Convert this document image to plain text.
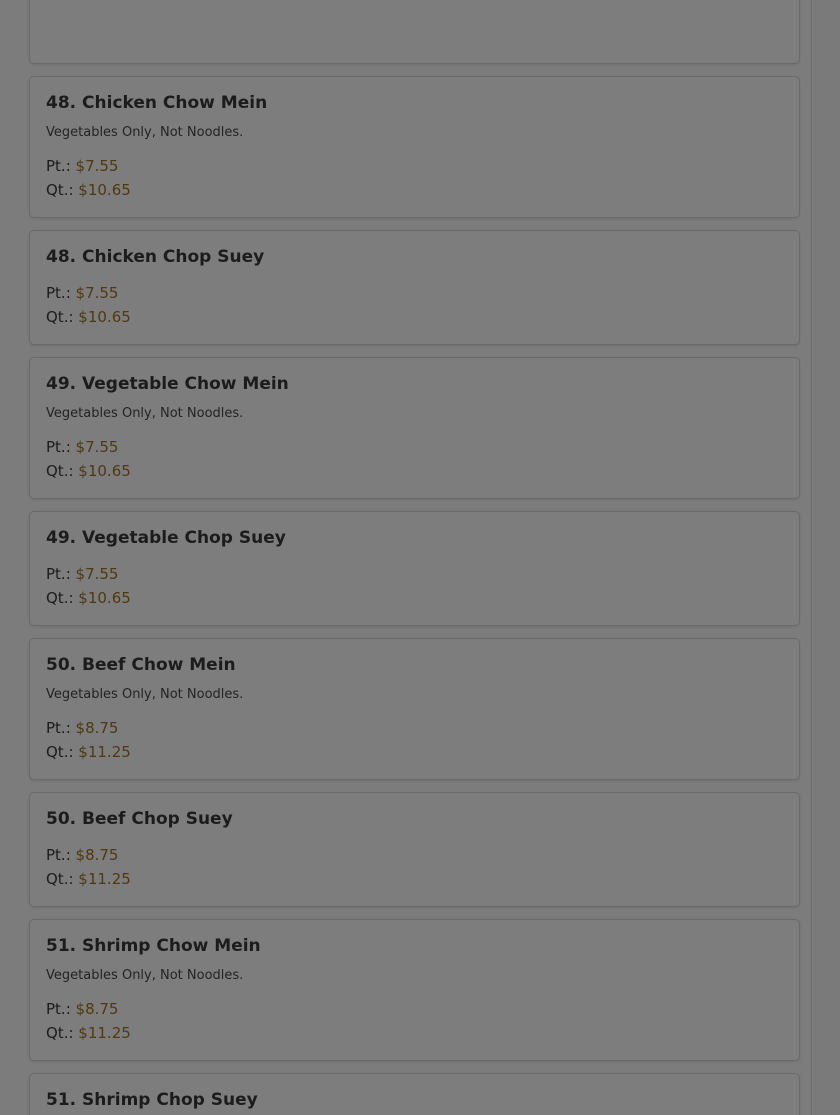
48. Chicken Chow Mein
Vegetables Only, Not Noodles.
Pt.: $7.55
Qt.: $10.65
48. Chicken Chop Suey
Pt.: $7.55
Qt.: $10.65
49. Vegetable Chow Mein
Vegetables Only, Not Noodles.
Pt.: $7.55
Qt.: $10.65
49. Vegetable Chop Suey
Pt.: $7.55
Qt.: $10.65
50. Beef Chow Mein
Vegetables Only, Not Noodles.
Pt.: $8.75
Qt.: $11.25
50. Beef Chop Suey
Pt.: $8.75
Qt.: $11.25
51. Shrimp Chow Mein
Vegetables Only, Not Noodles.
Pt.: $8.75
Qt.: $11.25
51. Shrimp Chop Suey
